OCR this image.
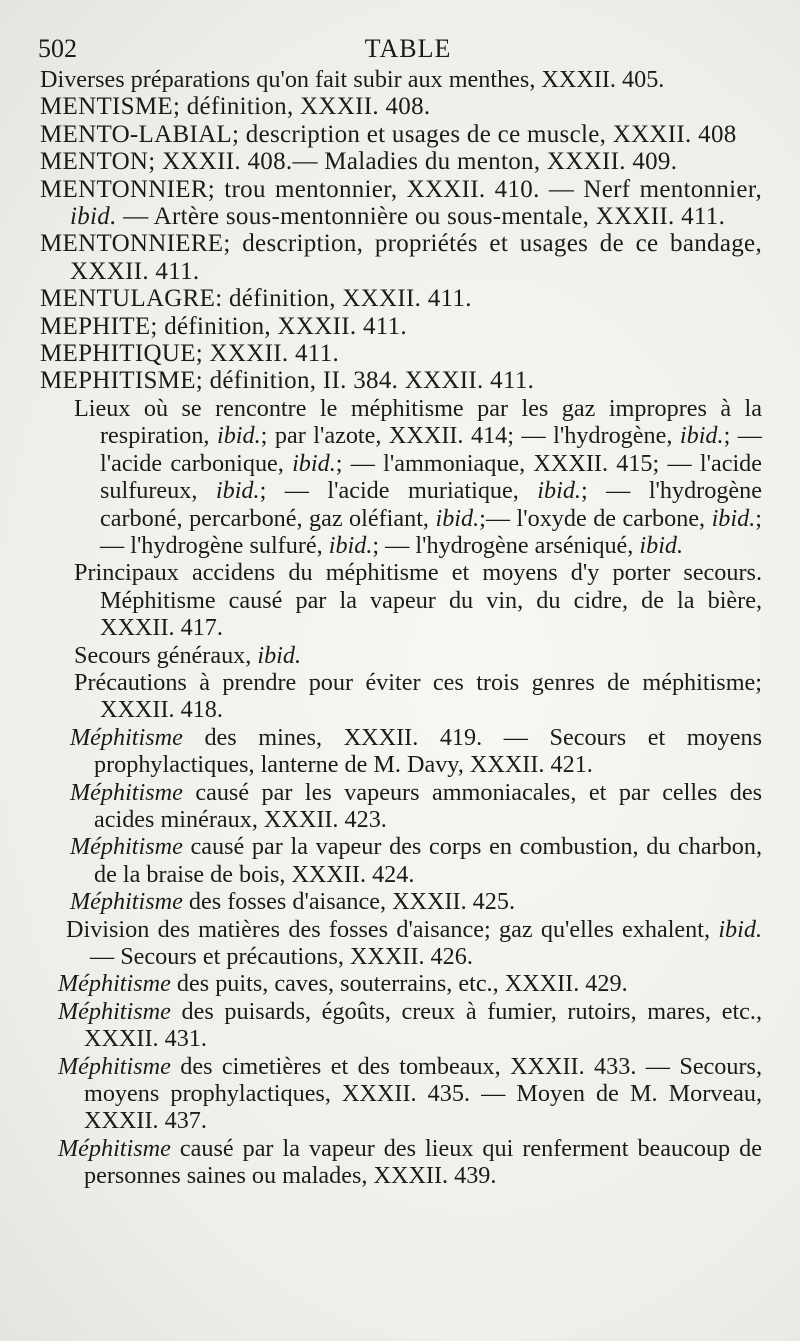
502	TABLE

Diverses préparations qu'on fait subir aux menthes, XXXII. 405.

MENTISME; définition, XXXII. 408.

MENTO-LABIAL; description et usages de ce muscle, XXXII. 408

MENTON; XXXII. 408.— Maladies du menton, XXXII. 409.

MENTONNIER; trou mentonnier, XXXII. 410. — Nerf mentonnier, ibid. — Artère sous-mentonnière ou sous-mentale, XXXII. 411.

MENTONNIERE; description, propriétés et usages de ce bandage, XXXII. 411.

MENTULAGRE: définition, XXXII. 411.

MEPHITE; définition, XXXII. 411.

MEPHITIQUE; XXXII. 411.

MEPHITISME; définition, II. 384. XXXII. 411.

Lieux où se rencontre le méphitisme par les gaz impropres à la respiration, ibid.; par l'azote, XXXII. 414; — l'hydrogène, ibid.; — l'acide carbonique, ibid.; — l'ammoniaque, XXXII. 415; — l'acide sulfureux, ibid.; — l'acide muriatique, ibid.; — l'hydrogène carboné, percarboné, gaz oléfiant, ibid.;— l'oxyde de carbone, ibid.; — l'hydrogène sulfuré, ibid.; — l'hydrogène arséniqué, ibid.

Principaux accidens du méphitisme et moyens d'y porter secours. Méphitisme causé par la vapeur du vin, du cidre, de la bière, XXXII. 417.

Secours généraux, ibid.

Précautions à prendre pour éviter ces trois genres de méphitisme; XXXII. 418.

Méphitisme des mines, XXXII. 419. — Secours et moyens prophylactiques, lanterne de M. Davy, XXXII. 421.

Méphitisme causé par les vapeurs ammoniacales, et par celles des acides minéraux, XXXII. 423.

Méphitisme causé par la vapeur des corps en combustion, du charbon, de la braise de bois, XXXII. 424.

Méphitisme des fosses d'aisance, XXXII. 425.

Division des matières des fosses d'aisance; gaz qu'elles exhalent, ibid. — Secours et précautions, XXXII. 426.

Méphitisme des puits, caves, souterrains, etc., XXXII. 429.

Méphitisme des puisards, égoûts, creux à fumier, rutoirs, mares, etc., XXXII. 431.

Méphitisme des cimetières et des tombeaux, XXXII. 433. — Secours, moyens prophylactiques, XXXII. 435. — Moyen de M. Morveau, XXXII. 437.

Méphitisme causé par la vapeur des lieux qui renferment beaucoup de personnes saines ou malades, XXXII. 439.
